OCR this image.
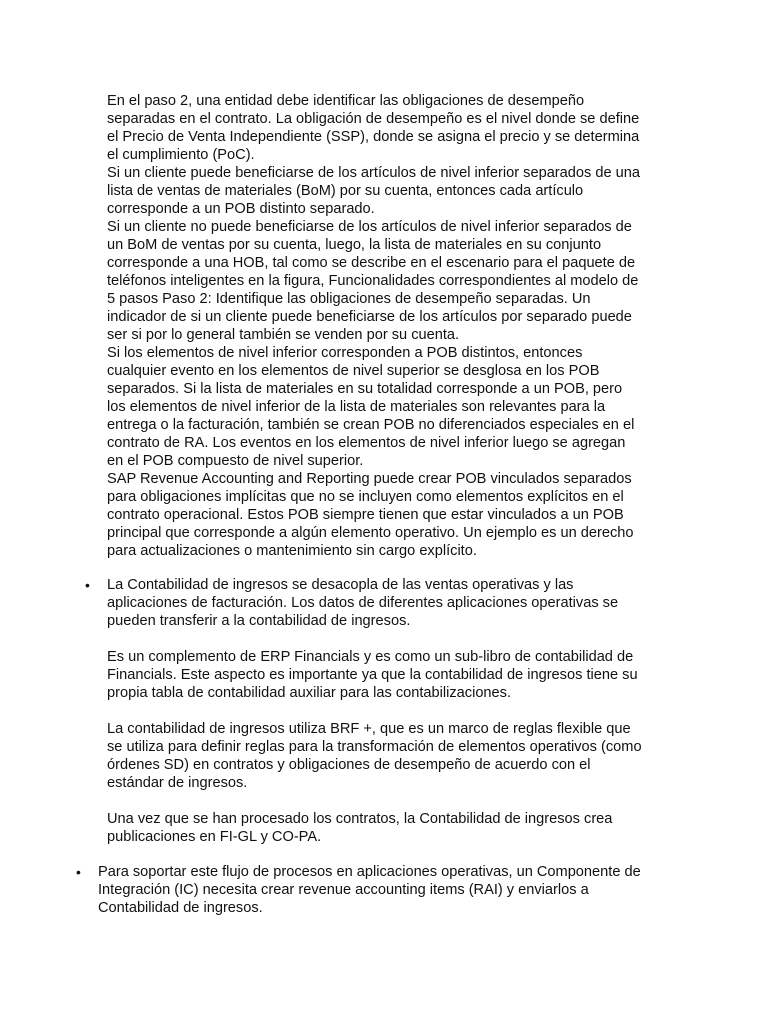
En el paso 2, una entidad debe identificar las obligaciones de desempeño

separadas en el contrato. La obligación de desempeño es el nivel donde se define

el Precio de Venta Independiente (SSP), donde se asigna el precio y se determina

el cumplimiento (PoC).

Si un cliente puede beneficiarse de los artículos de nivel inferior separados de una

lista de ventas de materiales (BoM) por su cuenta, entonces cada artículo

corresponde a un POB distinto separado.

Si un cliente no puede beneficiarse de los artículos de nivel inferior separados de

un BoM de ventas por su cuenta, luego, la lista de materiales en su conjunto

corresponde a una HOB, tal como se describe en el escenario para el paquete de

teléfonos inteligentes en la figura, Funcionalidades correspondientes al modelo de

5 pasos Paso 2: Identifique las obligaciones de desempeño separadas. Un

indicador de si un cliente puede beneficiarse de los artículos por separado puede

ser si por lo general también se venden por su cuenta.

Si los elementos de nivel inferior corresponden a POB distintos, entonces

cualquier evento en los elementos de nivel superior se desglosa en los POB

separados. Si la lista de materiales en su totalidad corresponde a un POB, pero

los elementos de nivel inferior de la lista de materiales son relevantes para la

entrega o la facturación, también se crean POB no diferenciados especiales en el

contrato de RA. Los eventos en los elementos de nivel inferior luego se agregan

en el POB compuesto de nivel superior.

SAP Revenue Accounting and Reporting puede crear POB vinculados separados

para obligaciones implícitas que no se incluyen como elementos explícitos en el

contrato operacional. Estos POB siempre tienen que estar vinculados a un POB

principal que corresponde a algún elemento operativo. Un ejemplo es un derecho

para actualizaciones o mantenimiento sin cargo explícito.

• La Contabilidad de ingresos se desacopla de las ventas operativas y las

aplicaciones de facturación. Los datos de diferentes aplicaciones operativas se

pueden transferir a la contabilidad de ingresos.

Es un complemento de ERP Financials y es como un sub-libro de contabilidad de

Financials. Este aspecto es importante ya que la contabilidad de ingresos tiene su

propia tabla de contabilidad auxiliar para las contabilizaciones.

La contabilidad de ingresos utiliza BRF +, que es un marco de reglas flexible que

se utiliza para definir reglas para la transformación de elementos operativos (como

órdenes SD) en contratos y obligaciones de desempeño de acuerdo con el

estándar de ingresos.

Una vez que se han procesado los contratos, la Contabilidad de ingresos crea

publicaciones en FI-GL y CO-PA.

• Para soportar este flujo de procesos en aplicaciones operativas, un Componente de

Integración (IC) necesita crear revenue accounting items (RAI) y enviarlos a

Contabilidad de ingresos.
